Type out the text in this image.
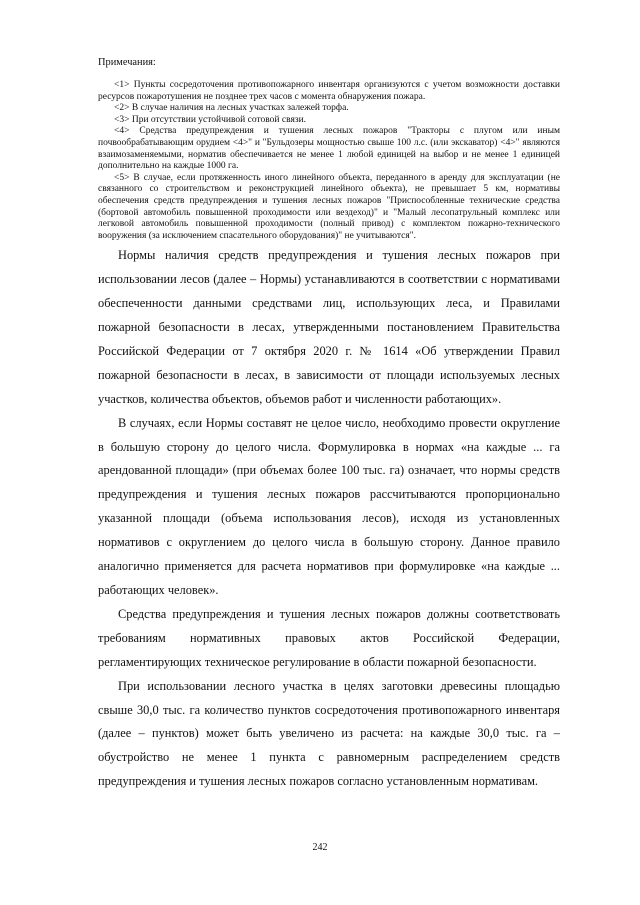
Примечания:

<1> Пункты сосредоточения противопожарного инвентаря организуются с учетом возможности доставки ресурсов пожаротушения не позднее трех часов с момента обнаружения пожара.

<2> В случае наличия на лесных участках залежей торфа.

<3> При отсутствии устойчивой сотовой связи.

<4> Средства предупреждения и тушения лесных пожаров "Тракторы с плугом или иным почвообрабатывающим орудием <4>" и "Бульдозеры мощностью свыше 100 л.с. (или экскаватор) <4>" являются взаимозаменяемыми, норматив обеспечивается не менее 1 любой единицей на выбор и не менее 1 единицей дополнительно на каждые 1000 га.

<5> В случае, если протяженность иного линейного объекта, переданного в аренду для эксплуатации (не связанного со строительством и реконструкцией линейного объекта), не превышает 5 км, нормативы обеспечения средств предупреждения и тушения лесных пожаров "Приспособленные технические средства (бортовой автомобиль повышенной проходимости или вездеход)" и "Малый лесопатрульный комплекс или легковой автомобиль повышенной проходимости (полный привод) с комплектом пожарно-технического вооружения (за исключением спасательного оборудования)" не учитываются".

Нормы наличия средств предупреждения и тушения лесных пожаров при использовании лесов (далее – Нормы) устанавливаются в соответствии с нормативами обеспеченности данными средствами лиц, использующих леса, и Правилами пожарной безопасности в лесах, утвержденными постановлением Правительства Российской Федерации от 7 октября 2020 г. № 1614 «Об утверждении Правил пожарной безопасности в лесах, в зависимости от площади используемых лесных участков, количества объектов, объемов работ и численности работающих».

В случаях, если Нормы составят не целое число, необходимо провести округление в большую сторону до целого числа. Формулировка в нормах «на каждые ... га арендованной площади» (при объемах более 100 тыс. га) означает, что нормы средств предупреждения и тушения лесных пожаров рассчитываются пропорционально указанной площади (объема использования лесов), исходя из установленных нормативов с округлением до целого числа в большую сторону. Данное правило аналогично применяется для расчета нормативов при формулировке «на каждые ... работающих человек».

Средства предупреждения и тушения лесных пожаров должны соответствовать требованиям нормативных правовых актов Российской Федерации, регламентирующих техническое регулирование в области пожарной безопасности.

При использовании лесного участка в целях заготовки древесины площадью свыше 30,0 тыс. га количество пунктов сосредоточения противопожарного инвентаря (далее – пунктов) может быть увеличено из расчета: на каждые 30,0 тыс. га – обустройство не менее 1 пункта с равномерным распределением средств предупреждения и тушения лесных пожаров согласно установленным нормативам.

242
